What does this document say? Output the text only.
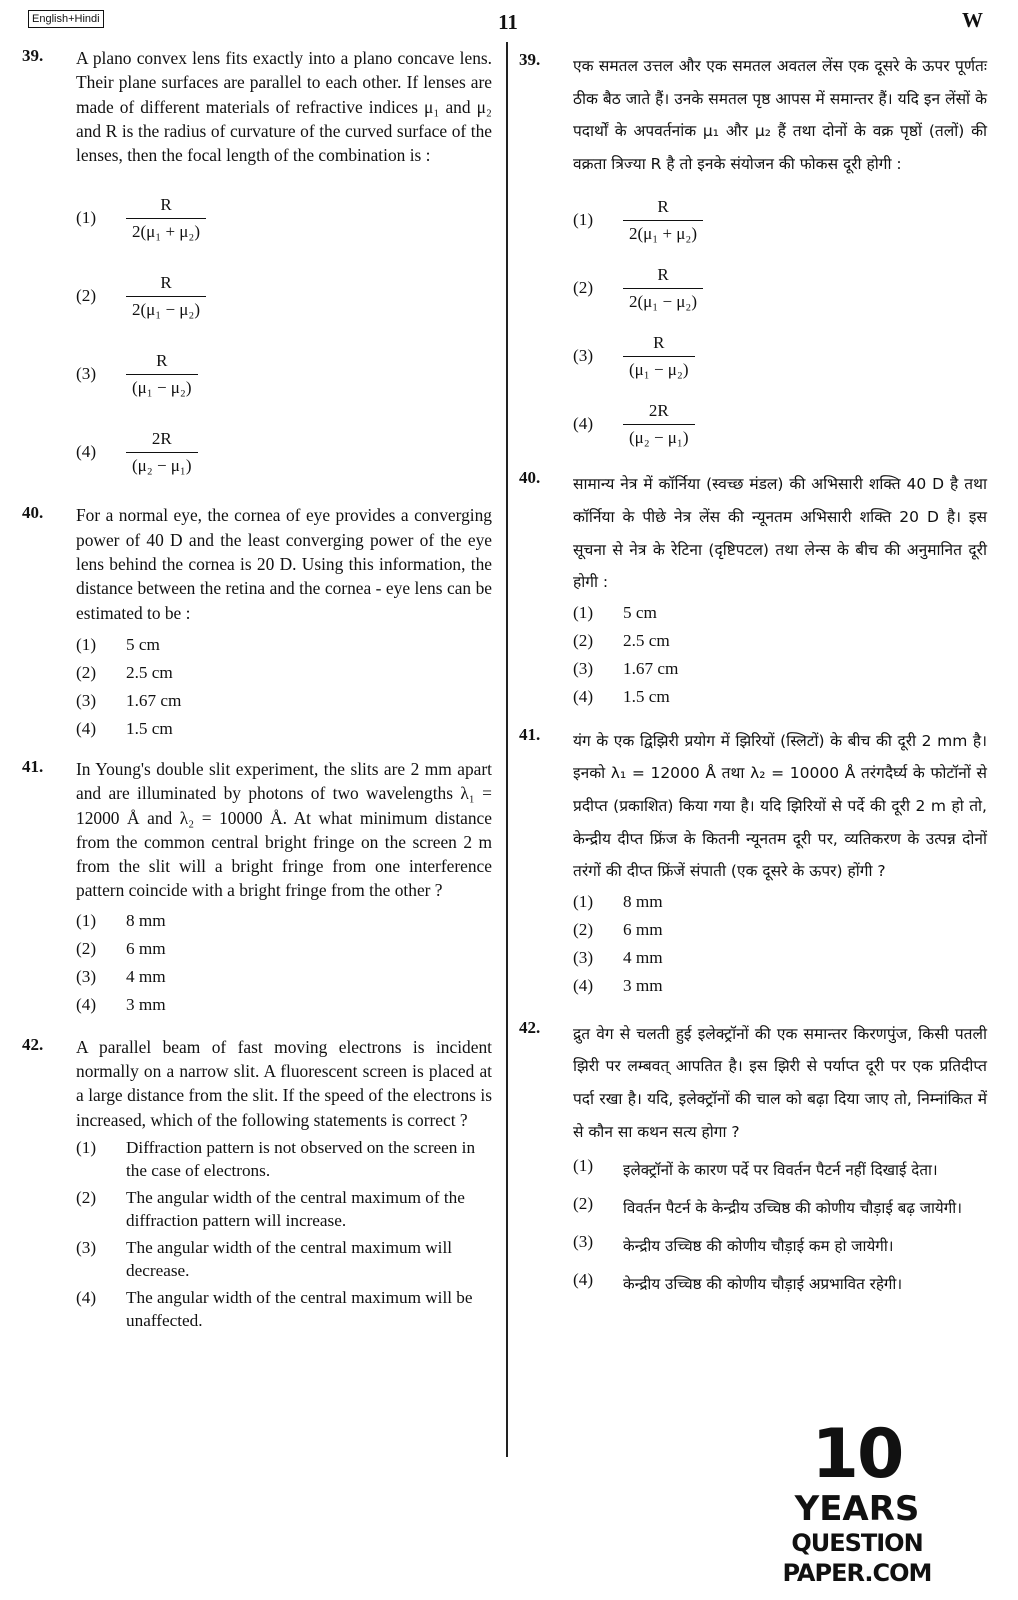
English+Hindi	11	W
39. A plano convex lens fits exactly into a plano concave lens. Their plane surfaces are parallel to each other. If lenses are made of different materials of refractive indices μ₁ and μ₂ and R is the radius of curvature of the curved surface of the lenses, then the focal length of the combination is :
(1)	$\frac{R}{\text{2(μ₁ + μ₂)}}$
(2)	$\frac{R}{\text{2(μ₁ − μ₂)}}$
(3)	$\frac{R}{\text{(μ₁ − μ₂)}}$
(4)	$\frac{2R}{\text{(μ₂ − μ₁)}}$
40. For a normal eye, the cornea of eye provides a converging power of 40 D and the least converging power of the eye lens behind the cornea is 20 D. Using this information, the distance between the retina and the cornea - eye lens can be estimated to be :
(1)	5 cm
(2)	2.5 cm
(3)	1.67 cm
(4)	1.5 cm
41. In Young's double slit experiment, the slits are 2 mm apart and are illuminated by photons of two wavelengths λ₁ = 12000 Å and λ₂ = 10000 Å. At what minimum distance from the common central bright fringe on the screen 2 m from the slit will a bright fringe from one interference pattern coincide with a bright fringe from the other ?
(1)	8 mm
(2)	6 mm
(3)	4 mm
(4)	3 mm
42. A parallel beam of fast moving electrons is incident normally on a narrow slit. A fluorescent screen is placed at a large distance from the slit. If the speed of the electrons is increased, which of the following statements is correct ?
(1)	Diffraction pattern is not observed on the screen in the case of electrons.
(2)	The angular width of the central maximum of the diffraction pattern will increase.
(3)	The angular width of the central maximum will decrease.
(4)	The angular width of the central maximum will be unaffected.
39. एक समतल उत्तल और एक समतल अवतल लेंस एक दूसरे के ऊपर पूर्णतः ठीक बैठ जाते हैं। उनके समतल पृष्ठ आपस में समान्तर हैं। यदि इन लेंसों के पदार्थों के अपवर्तनांक μ₁ और μ₂ हैं तथा दोनों के वक्र पृष्ठों (तलों) की वक्रता त्रिज्या R है तो इनके संयोजन की फोकस दूरी होगी :
(1)	$\frac{R}{\text{2(μ₁ + μ₂)}}$
(2)	$\frac{R}{\text{2(μ₁ − μ₂)}}$
(3)	$\frac{R}{\text{(μ₁ − μ₂)}}$
(4)	$\frac{2R}{\text{(μ₂ − μ₁)}}$
40. सामान्य नेत्र में कॉर्निया (स्वच्छ मंडल) की अभिसारी शक्ति 40 D है तथा कॉर्निया के पीछे नेत्र लेंस की न्यूनतम अभिसारी शक्ति 20 D है। इस सूचना से नेत्र के रेटिना (दृष्टिपटल) तथा लेन्स के बीच की अनुमानित दूरी होगी :
(1)	5 cm
(2)	2.5 cm
(3)	1.67 cm
(4)	1.5 cm
41. यंग के एक द्विझिरी प्रयोग में झिरियों (स्लिटों) के बीच की दूरी 2 mm है। इनको λ₁ = 12000 Å तथा λ₂ = 10000 Å तरंगदैर्घ्य के फोटॉनों से प्रदीप्त (प्रकाशित) किया गया है। यदि झिरियों से पर्दे की दूरी 2 m हो तो, केन्द्रीय दीप्त फ्रिंज के कितनी न्यूनतम दूरी पर, व्यतिकरण के उत्पन्न दोनों तरंगों की दीप्त फ्रिंजें संपाती (एक दूसरे के ऊपर) होंगी ?
(1)	8 mm
(2)	6 mm
(3)	4 mm
(4)	3 mm
42. द्रुत वेग से चलती हुई इलेक्ट्रॉनों की एक समान्तर किरणपुंज, किसी पतली झिरी पर लम्बवत् आपतित है। इस झिरी से पर्याप्त दूरी पर एक प्रतिदीप्त पर्दा रखा है। यदि, इलेक्ट्रॉनों की चाल को बढ़ा दिया जाए तो, निम्नांकित में से कौन सा कथन सत्य होगा ?
(1)	इलेक्ट्रॉनों के कारण पर्दे पर विवर्तन पैटर्न नहीं दिखाई देता।
(2)	विवर्तन पैटर्न के केन्द्रीय उच्चिष्ठ की कोणीय चौड़ाई बढ़ जायेगी।
(3)	केन्द्रीय उच्चिष्ठ की कोणीय चौड़ाई कम हो जायेगी।
(4)	केन्द्रीय उच्चिष्ठ की कोणीय चौड़ाई अप्रभावित रहेगी।
10
YEARS
QUESTION PAPER.COM
